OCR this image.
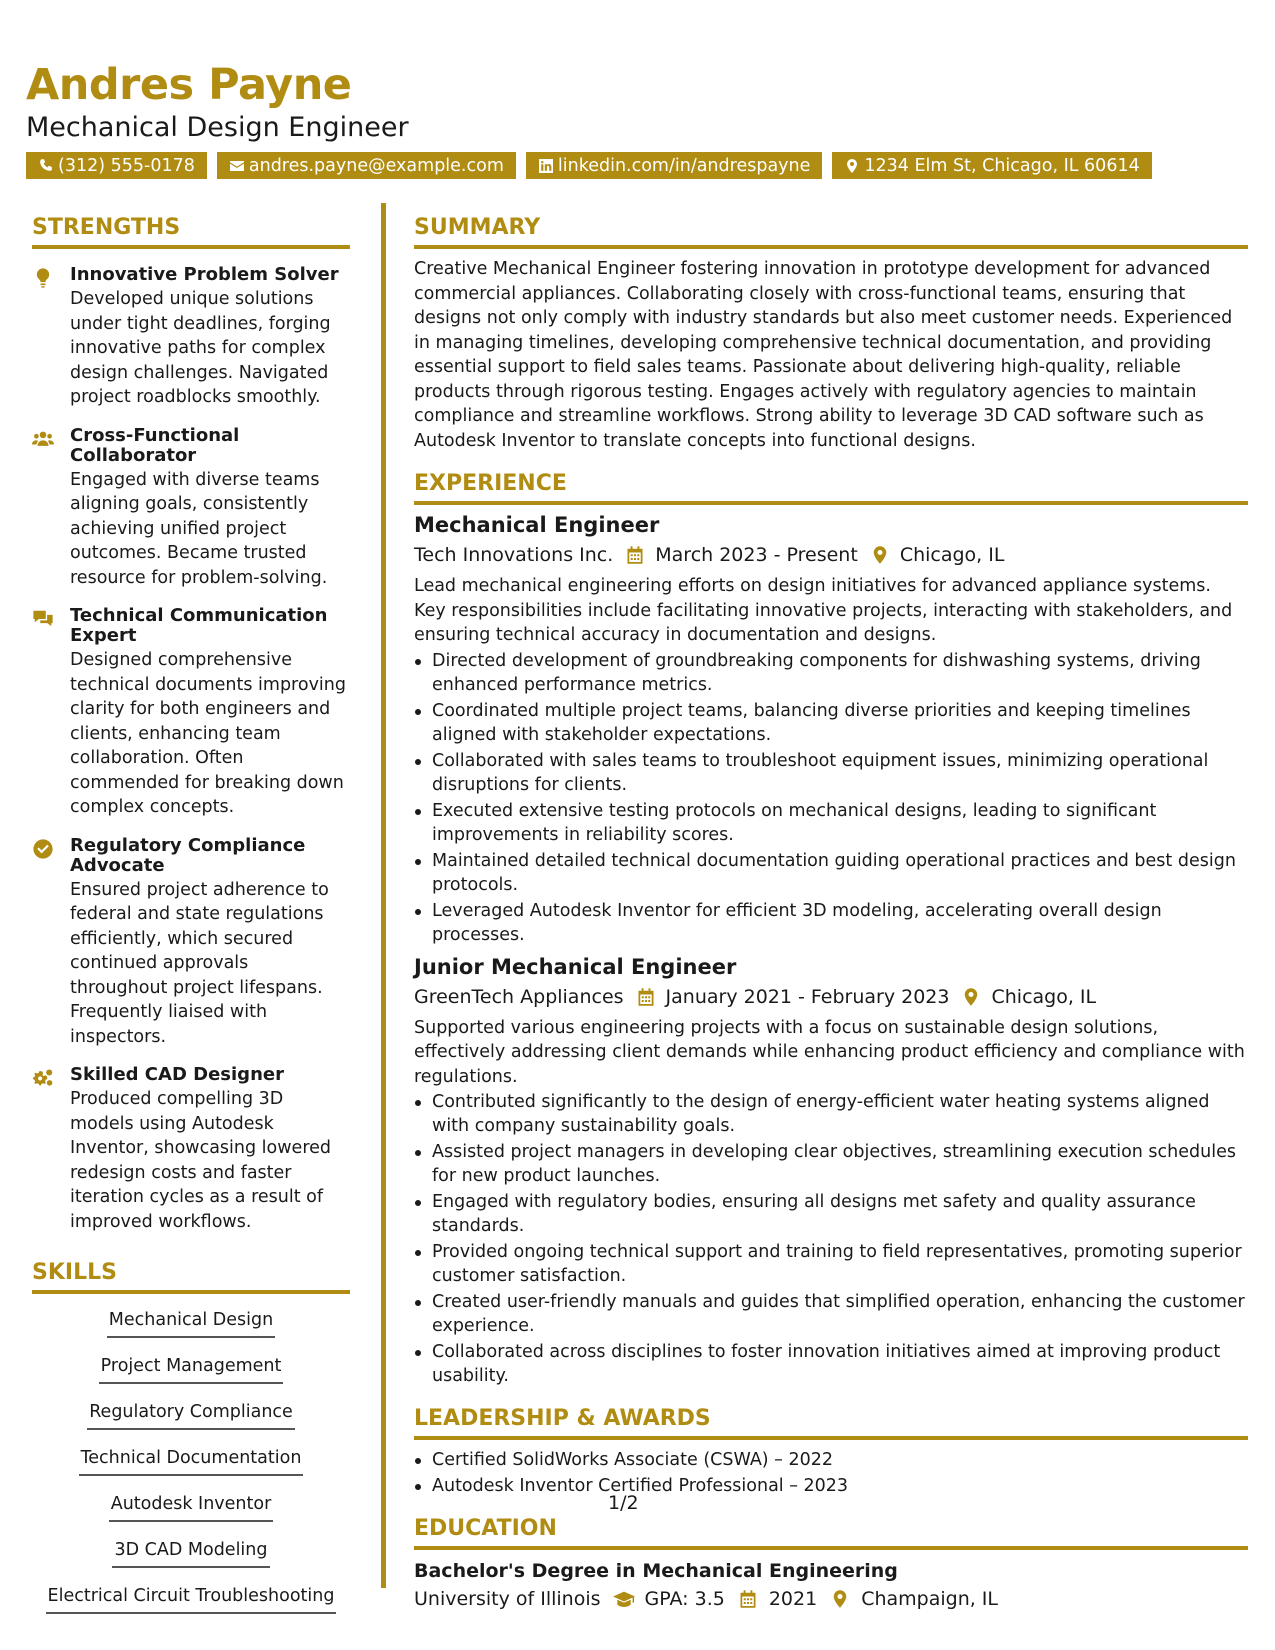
Andres Payne
Mechanical Design Engineer
(312) 555-0178	andres.payne@example.com	linkedin.com/in/andrespayne	1234 Elm St, Chicago, IL 60614
STRENGTHS
Innovative Problem Solver
Developed unique solutions under tight deadlines, forging innovative paths for complex design challenges. Navigated project roadblocks smoothly.
Cross-Functional Collaborator
Engaged with diverse teams aligning goals, consistently achieving unified project outcomes. Became trusted resource for problem-solving.
Technical Communication Expert
Designed comprehensive technical documents improving clarity for both engineers and clients, enhancing team collaboration. Often commended for breaking down complex concepts.
Regulatory Compliance Advocate
Ensured project adherence to federal and state regulations efficiently, which secured continued approvals throughout project lifespans. Frequently liaised with inspectors.
Skilled CAD Designer
Produced compelling 3D models using Autodesk Inventor, showcasing lowered redesign costs and faster iteration cycles as a result of improved workflows.
SKILLS
Mechanical Design
Project Management
Regulatory Compliance
Technical Documentation
Autodesk Inventor
3D CAD Modeling
Electrical Circuit Troubleshooting
SUMMARY
Creative Mechanical Engineer fostering innovation in prototype development for advanced commercial appliances. Collaborating closely with cross-functional teams, ensuring that designs not only comply with industry standards but also meet customer needs. Experienced in managing timelines, developing comprehensive technical documentation, and providing essential support to field sales teams. Passionate about delivering high-quality, reliable products through rigorous testing. Engages actively with regulatory agencies to maintain compliance and streamline workflows. Strong ability to leverage 3D CAD software such as Autodesk Inventor to translate concepts into functional designs.
EXPERIENCE
Mechanical Engineer
Tech Innovations Inc. March 2023 - Present Chicago, IL
Lead mechanical engineering efforts on design initiatives for advanced appliance systems. Key responsibilities include facilitating innovative projects, interacting with stakeholders, and ensuring technical accuracy in documentation and designs.
Directed development of groundbreaking components for dishwashing systems, driving enhanced performance metrics.
Coordinated multiple project teams, balancing diverse priorities and keeping timelines aligned with stakeholder expectations.
Collaborated with sales teams to troubleshoot equipment issues, minimizing operational disruptions for clients.
Executed extensive testing protocols on mechanical designs, leading to significant improvements in reliability scores.
Maintained detailed technical documentation guiding operational practices and best design protocols.
Leveraged Autodesk Inventor for efficient 3D modeling, accelerating overall design processes.
Junior Mechanical Engineer
GreenTech Appliances January 2021 - February 2023 Chicago, IL
Supported various engineering projects with a focus on sustainable design solutions, effectively addressing client demands while enhancing product efficiency and compliance with regulations.
Contributed significantly to the design of energy-efficient water heating systems aligned with company sustainability goals.
Assisted project managers in developing clear objectives, streamlining execution schedules for new product launches.
Engaged with regulatory bodies, ensuring all designs met safety and quality assurance standards.
Provided ongoing technical support and training to field representatives, promoting superior customer satisfaction.
Created user-friendly manuals and guides that simplified operation, enhancing the customer experience.
Collaborated across disciplines to foster innovation initiatives aimed at improving product usability.
LEADERSHIP & AWARDS
Certified SolidWorks Associate (CSWA) – 2022
Autodesk Inventor Certified Professional – 2023
EDUCATION
Bachelor's Degree in Mechanical Engineering
University of Illinois GPA: 3.5 2021 Champaign, IL
1/2
